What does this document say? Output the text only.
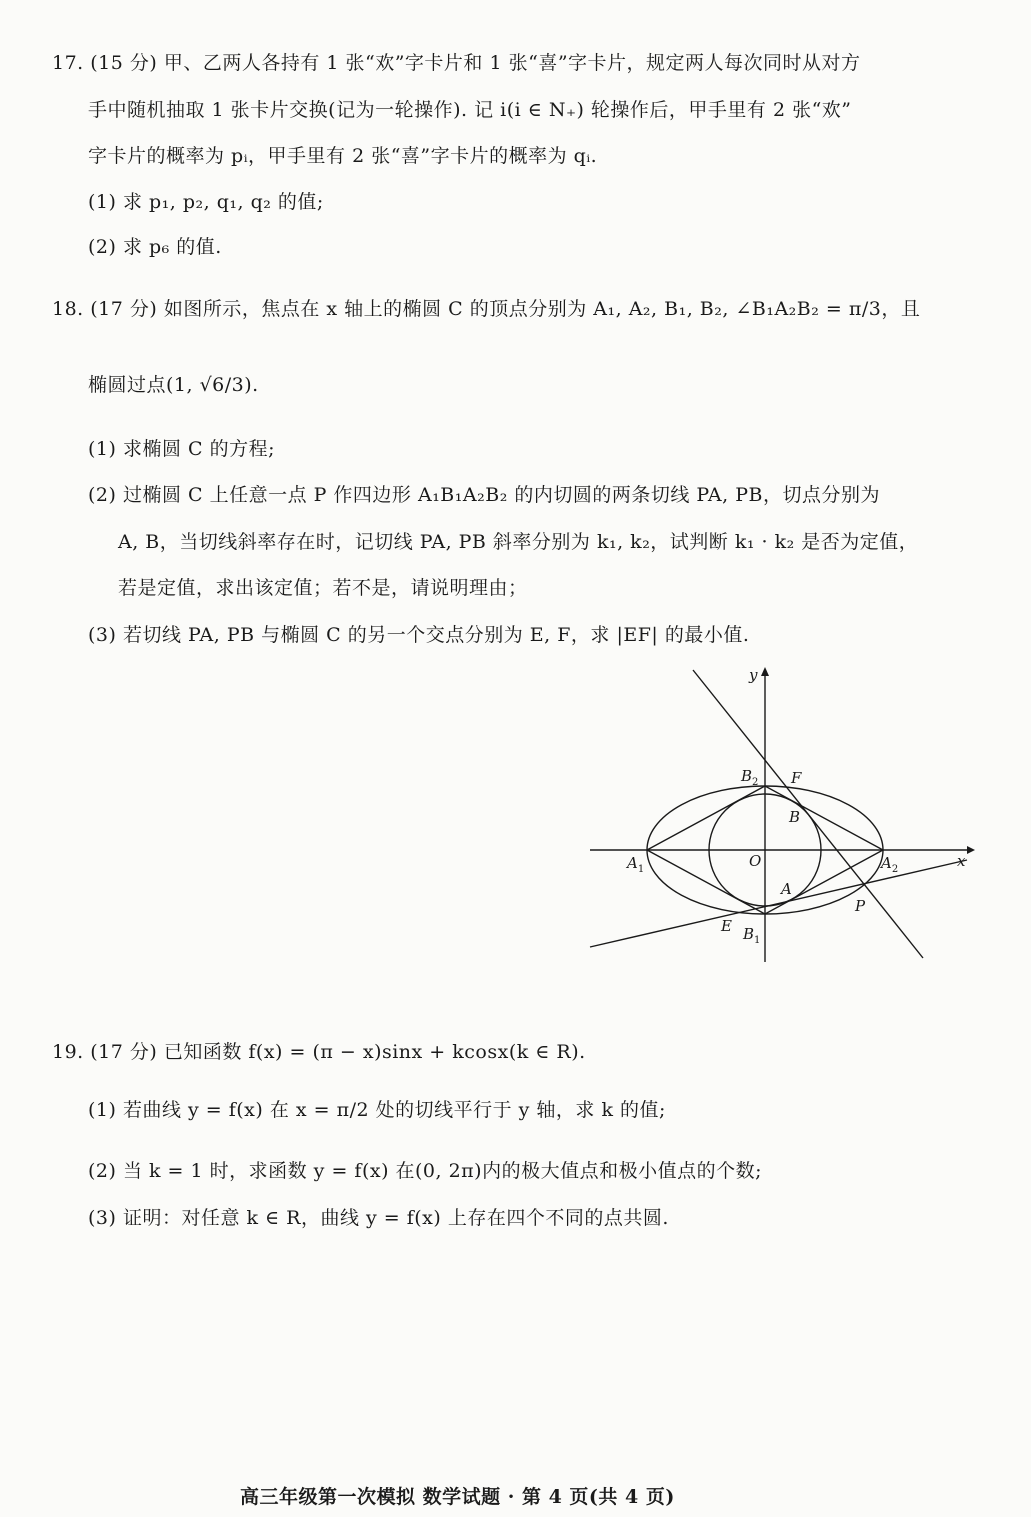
17. (15 分) 甲、乙两人各持有 1 张“欢”字卡片和 1 张“喜”字卡片，规定两人每次同时从对方
手中随机抽取 1 张卡片交换(记为一轮操作). 记 i(i ∈ N₊) 轮操作后，甲手里有 2 张“欢”
字卡片的概率为 pᵢ，甲手里有 2 张“喜”字卡片的概率为 qᵢ.
(1) 求 p₁, p₂, q₁, q₂ 的值;
(2) 求 p₆ 的值.
18. (17 分) 如图所示，焦点在 x 轴上的椭圆 C 的顶点分别为 A₁, A₂, B₁, B₂, ∠B₁A₂B₂ = π/3，且
椭圆过点(1, √6/3).
(1) 求椭圆 C 的方程;
(2) 过椭圆 C 上任意一点 P 作四边形 A₁B₁A₂B₂ 的内切圆的两条切线 PA, PB，切点分别为
A, B，当切线斜率存在时，记切线 PA, PB 斜率分别为 k₁, k₂，试判断 k₁ · k₂ 是否为定值，
若是定值，求出该定值；若不是，请说明理由；
(3) 若切线 PA, PB 与椭圆 C 的另一个交点分别为 E, F，求 |EF| 的最小值.
x
y
O
$A_1$	$A_2$
$B_2$
$B_1$
B
A
F
E
P
19. (17 分) 已知函数 f(x) = (π − x)sinx + kcosx(k ∈ R).
(1) 若曲线 y = f(x) 在 x = π/2 处的切线平行于 y 轴，求 k 的值;
(2) 当 k = 1 时，求函数 y = f(x) 在(0, 2π)内的极大值点和极小值点的个数;
(3) 证明：对任意 k ∈ R，曲线 y = f(x) 上存在四个不同的点共圆.
高三年级第一次模拟 数学试题 · 第 4 页(共 4 页)
